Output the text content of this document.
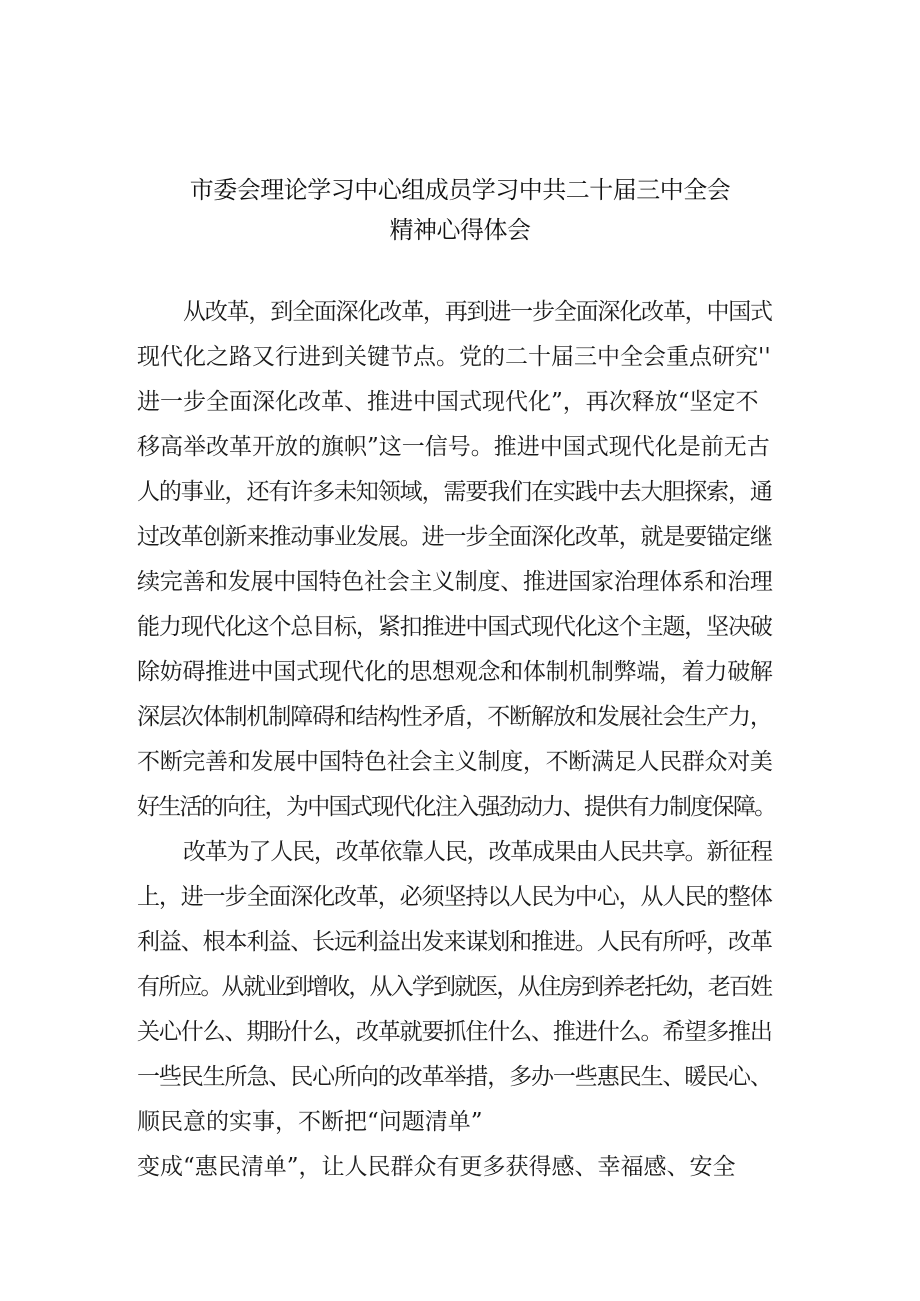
市委会理论学习中心组成员学习中共二十届三中全会
精神心得体会
从改革，到全面深化改革，再到进一步全面深化改革，中国式
现代化之路又行进到关键节点。党的二十届三中全会重点研究''
进一步全面深化改革、推进中国式现代化”，再次释放“坚定不
移高举改革开放的旗帜”这一信号。推进中国式现代化是前无古
人的事业，还有许多未知领域，需要我们在实践中去大胆探索，通
过改革创新来推动事业发展。进一步全面深化改革，就是要锚定继
续完善和发展中国特色社会主义制度、推进国家治理体系和治理
能力现代化这个总目标，紧扣推进中国式现代化这个主题，坚决破
除妨碍推进中国式现代化的思想观念和体制机制弊端，着力破解
深层次体制机制障碍和结构性矛盾，不断解放和发展社会生产力，
不断完善和发展中国特色社会主义制度，不断满足人民群众对美
好生活的向往，为中国式现代化注入强劲动力、提供有力制度保障。
改革为了人民，改革依靠人民，改革成果由人民共享。新征程
上，进一步全面深化改革，必须坚持以人民为中心，从人民的整体
利益、根本利益、长远利益出发来谋划和推进。人民有所呼，改革
有所应。从就业到增收，从入学到就医，从住房到养老托幼，老百姓
关心什么、期盼什么，改革就要抓住什么、推进什么。希望多推出
一些民生所急、民心所向的改革举措，多办一些惠民生、暖民心、
顺民意的实事，不断把“问题清单”
变成“惠民清单”，让人民群众有更多获得感、幸福感、安全
